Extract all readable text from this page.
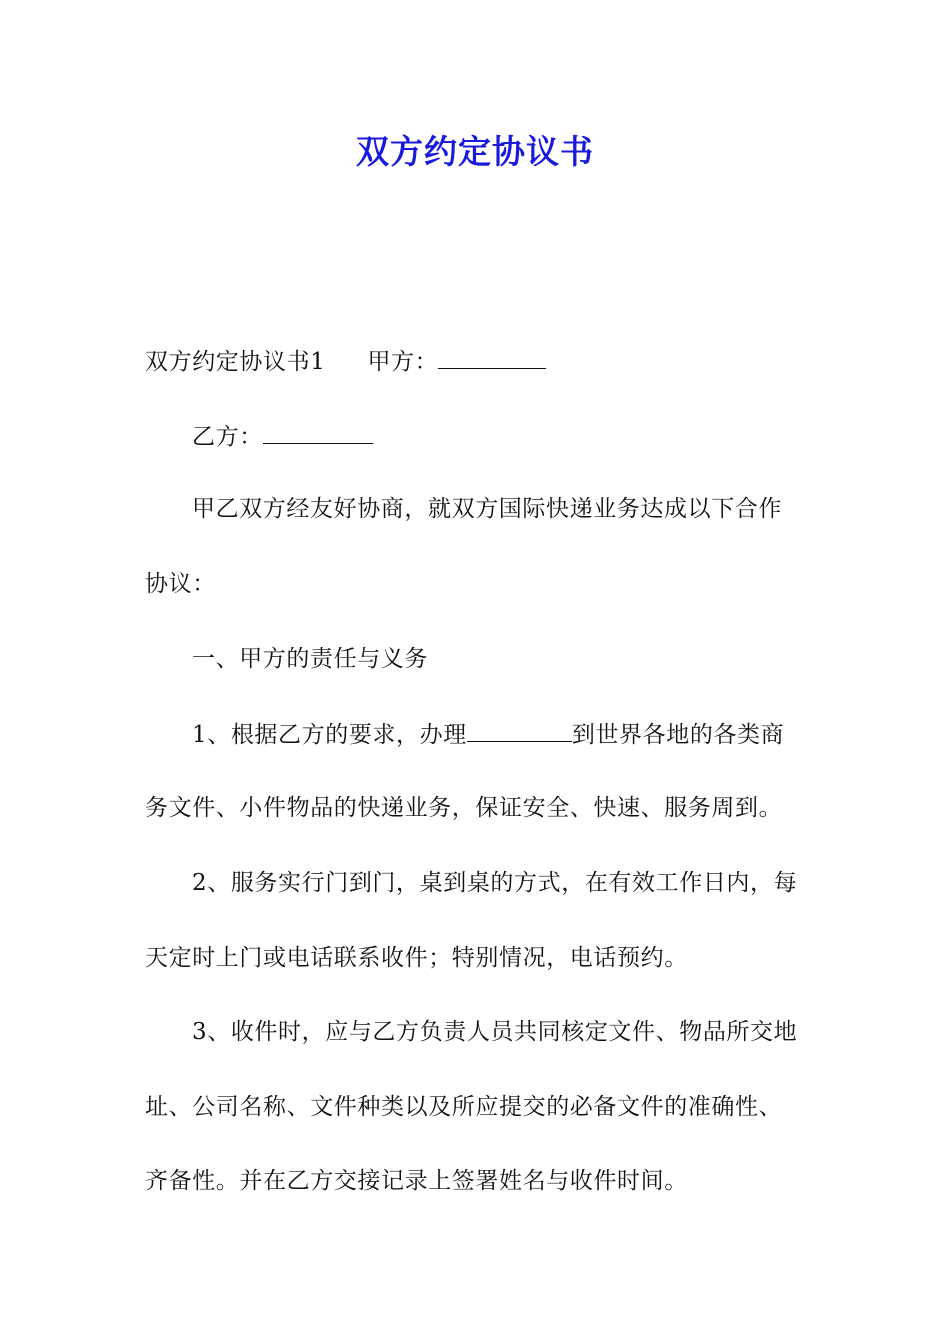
双方约定协议书
双方约定协议书1 甲方：
乙方：
甲乙双方经友好协商，就双方国际快递业务达成以下合作
协议：
一、甲方的责任与义务
1、根据乙方的要求，办理	到世界各地的各类商
务文件、小件物品的快递业务，保证安全、快速、服务周到。
2、服务实行门到门，桌到桌的方式，在有效工作日内，每
天定时上门或电话联系收件；特别情况，电话预约。
3、收件时，应与乙方负责人员共同核定文件、物品所交地
址、公司名称、文件种类以及所应提交的必备文件的准确性、
齐备性。并在乙方交接记录上签署姓名与收件时间。
